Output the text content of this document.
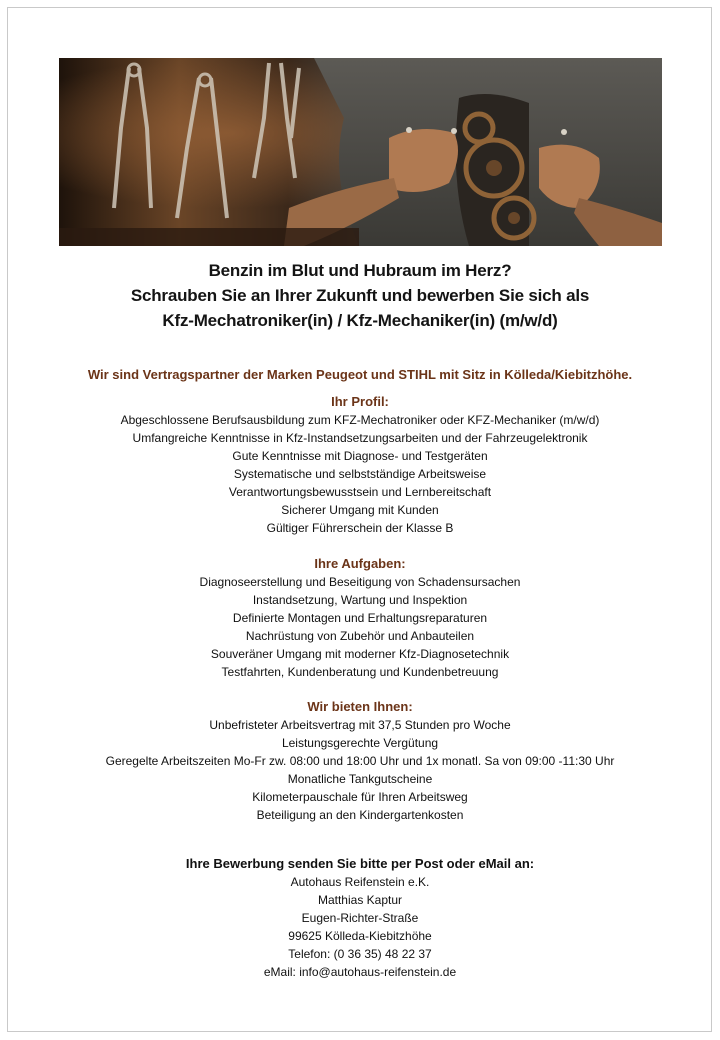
Benzin im Blut und Hubraum im Herz?
Schrauben Sie an Ihrer Zukunft und bewerben Sie sich als
Kfz-Mechatroniker(in) / Kfz-Mechaniker(in) (m/w/d)
Wir sind Vertragspartner der Marken Peugeot und STIHL mit Sitz in Kölleda/Kiebitzhöhe.
Ihr Profil:
Abgeschlossene Berufsausbildung zum KFZ-Mechatroniker oder KFZ-Mechaniker (m/w/d)
Umfangreiche Kenntnisse in Kfz-Instandsetzungsarbeiten und der Fahrzeugelektronik
Gute Kenntnisse mit Diagnose- und Testgeräten
Systematische und selbstständige Arbeitsweise
Verantwortungsbewusstsein und Lernbereitschaft
Sicherer Umgang mit Kunden
Gültiger Führerschein der Klasse B
Ihre Aufgaben:
Diagnoseerstellung und Beseitigung von Schadensursachen
Instandsetzung, Wartung und Inspektion
Definierte Montagen und Erhaltungsreparaturen
Nachrüstung von Zubehör und Anbauteilen
Souveräner Umgang mit moderner Kfz-Diagnosetechnik
Testfahrten, Kundenberatung und Kundenbetreuung
Wir bieten Ihnen:
Unbefristeter Arbeitsvertrag mit 37,5 Stunden pro Woche
Leistungsgerechte Vergütung
Geregelte Arbeitszeiten Mo-Fr zw. 08:00 und 18:00 Uhr und 1x monatl. Sa von 09:00 -11:30 Uhr
Monatliche Tankgutscheine
Kilometerpauschale für Ihren Arbeitsweg
Beteiligung an den Kindergartenkosten
Ihre Bewerbung senden Sie bitte per Post oder eMail an:
Autohaus Reifenstein e.K.
Matthias Kaptur
Eugen-Richter-Straße
99625 Kölleda-Kiebitzhöhe
Telefon: (0 36 35) 48 22 37
eMail: info@autohaus-reifenstein.de
